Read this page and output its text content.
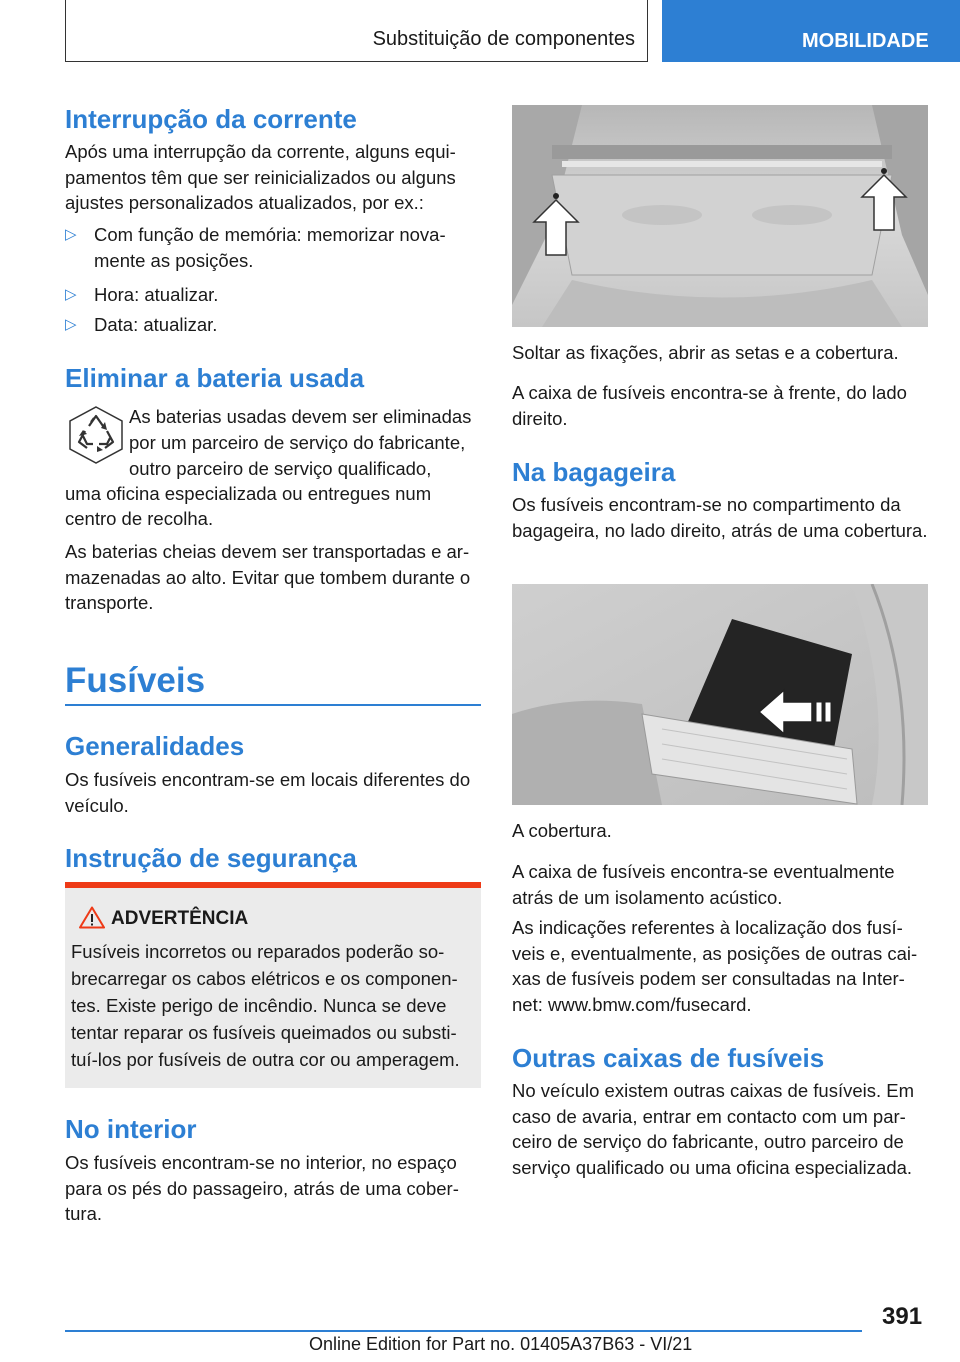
Substituição de componentes	MOBILIDADE
Interrupção da corrente
Após uma interrupção da corrente, alguns equipamentos têm que ser reinicializados ou alguns ajustes personalizados atualizados, por ex.:
▷ Com função de memória: memorizar novamente as posições.
▷ Hora: atualizar.
▷ Data: atualizar.
Eliminar a bateria usada
As baterias usadas devem ser eliminadas
por um parceiro de serviço do fabricante,
outro parceiro de serviço qualificado,
uma oficina especializada ou entregues num
centro de recolha.
As baterias cheias devem ser transportadas e armazenadas ao alto. Evitar que tombem durante o transporte.
Fusíveis
Generalidades
Os fusíveis encontram-se em locais diferentes do veículo.
Instrução de segurança
ADVERTÊNCIA
Fusíveis incorretos ou reparados poderão sobrecarregar os cabos elétricos e os componentes. Existe perigo de incêndio. Nunca se deve tentar reparar os fusíveis queimados ou substituí-los por fusíveis de outra cor ou amperagem.
No interior
Os fusíveis encontram-se no interior, no espaço para os pés do passageiro, atrás de uma cobertura.
Soltar as fixações, abrir as setas e a cobertura.
A caixa de fusíveis encontra-se à frente, do lado direito.
Na bagageira
Os fusíveis encontram-se no compartimento da bagageira, no lado direito, atrás de uma cobertura.
A cobertura.
A caixa de fusíveis encontra-se eventualmente atrás de um isolamento acústico.
As indicações referentes à localização dos fusíveis e, eventualmente, as posições de outras caixas de fusíveis podem ser consultadas na Internet: www.bmw.com/fusecard.
Outras caixas de fusíveis
No veículo existem outras caixas de fusíveis. Em caso de avaria, entrar em contacto com um parceiro de serviço do fabricante, outro parceiro de serviço qualificado ou uma oficina especializada.
391
Online Edition for Part no. 01405A37B63 - VI/21
